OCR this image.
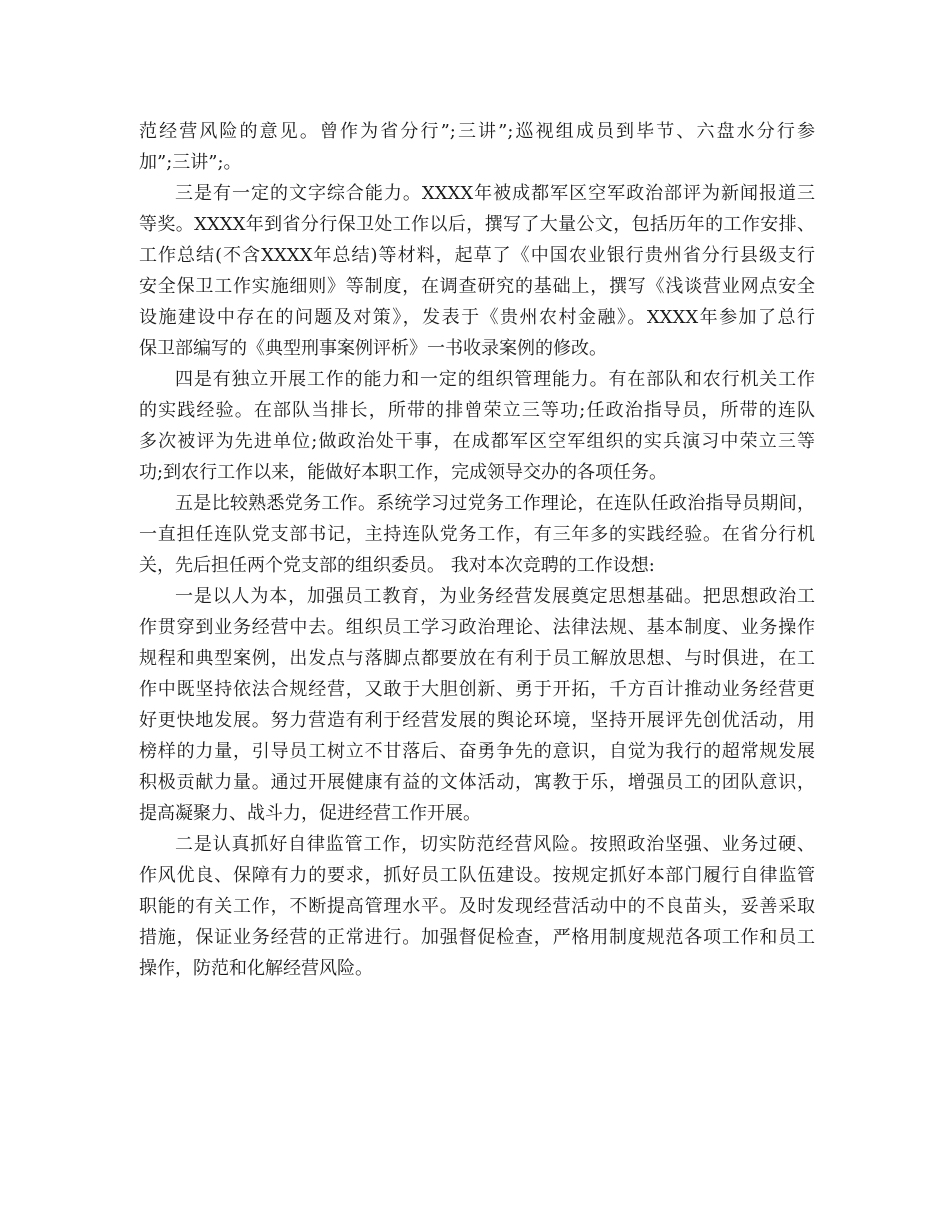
范经营风险的意见。曾作为省分行”;三讲”;巡视组成员到毕节、六盘水分行参
加”;三讲”;。
三是有一定的文字综合能力。XXXX年被成都军区空军政治部评为新闻报道三
等奖。XXXX年到省分行保卫处工作以后，撰写了大量公文，包括历年的工作安排、
工作总结(不含XXXX年总结)等材料，起草了《中国农业银行贵州省分行县级支行
安全保卫工作实施细则》等制度，在调查研究的基础上，撰写《浅谈营业网点安全
设施建设中存在的问题及对策》，发表于《贵州农村金融》。XXXX年参加了总行
保卫部编写的《典型刑事案例评析》一书收录案例的修改。
四是有独立开展工作的能力和一定的组织管理能力。有在部队和农行机关工作
的实践经验。在部队当排长，所带的排曾荣立三等功;任政治指导员，所带的连队
多次被评为先进单位;做政治处干事，在成都军区空军组织的实兵演习中荣立三等
功;到农行工作以来，能做好本职工作，完成领导交办的各项任务。
五是比较熟悉党务工作。系统学习过党务工作理论，在连队任政治指导员期间，
一直担任连队党支部书记，主持连队党务工作，有三年多的实践经验。在省分行机
关，先后担任两个党支部的组织委员。 我对本次竞聘的工作设想:
一是以人为本，加强员工教育，为业务经营发展奠定思想基础。把思想政治工
作贯穿到业务经营中去。组织员工学习政治理论、法律法规、基本制度、业务操作
规程和典型案例，出发点与落脚点都要放在有利于员工解放思想、与时俱进，在工
作中既坚持依法合规经营，又敢于大胆创新、勇于开拓，千方百计推动业务经营更
好更快地发展。努力营造有利于经营发展的舆论环境，坚持开展评先创优活动，用
榜样的力量，引导员工树立不甘落后、奋勇争先的意识，自觉为我行的超常规发展
积极贡献力量。通过开展健康有益的文体活动，寓教于乐，增强员工的团队意识，
提高凝聚力、战斗力，促进经营工作开展。
二是认真抓好自律监管工作，切实防范经营风险。按照政治坚强、业务过硬、
作风优良、保障有力的要求，抓好员工队伍建设。按规定抓好本部门履行自律监管
职能的有关工作，不断提高管理水平。及时发现经营活动中的不良苗头，妥善采取
措施，保证业务经营的正常进行。加强督促检查，严格用制度规范各项工作和员工
操作，防范和化解经营风险。
